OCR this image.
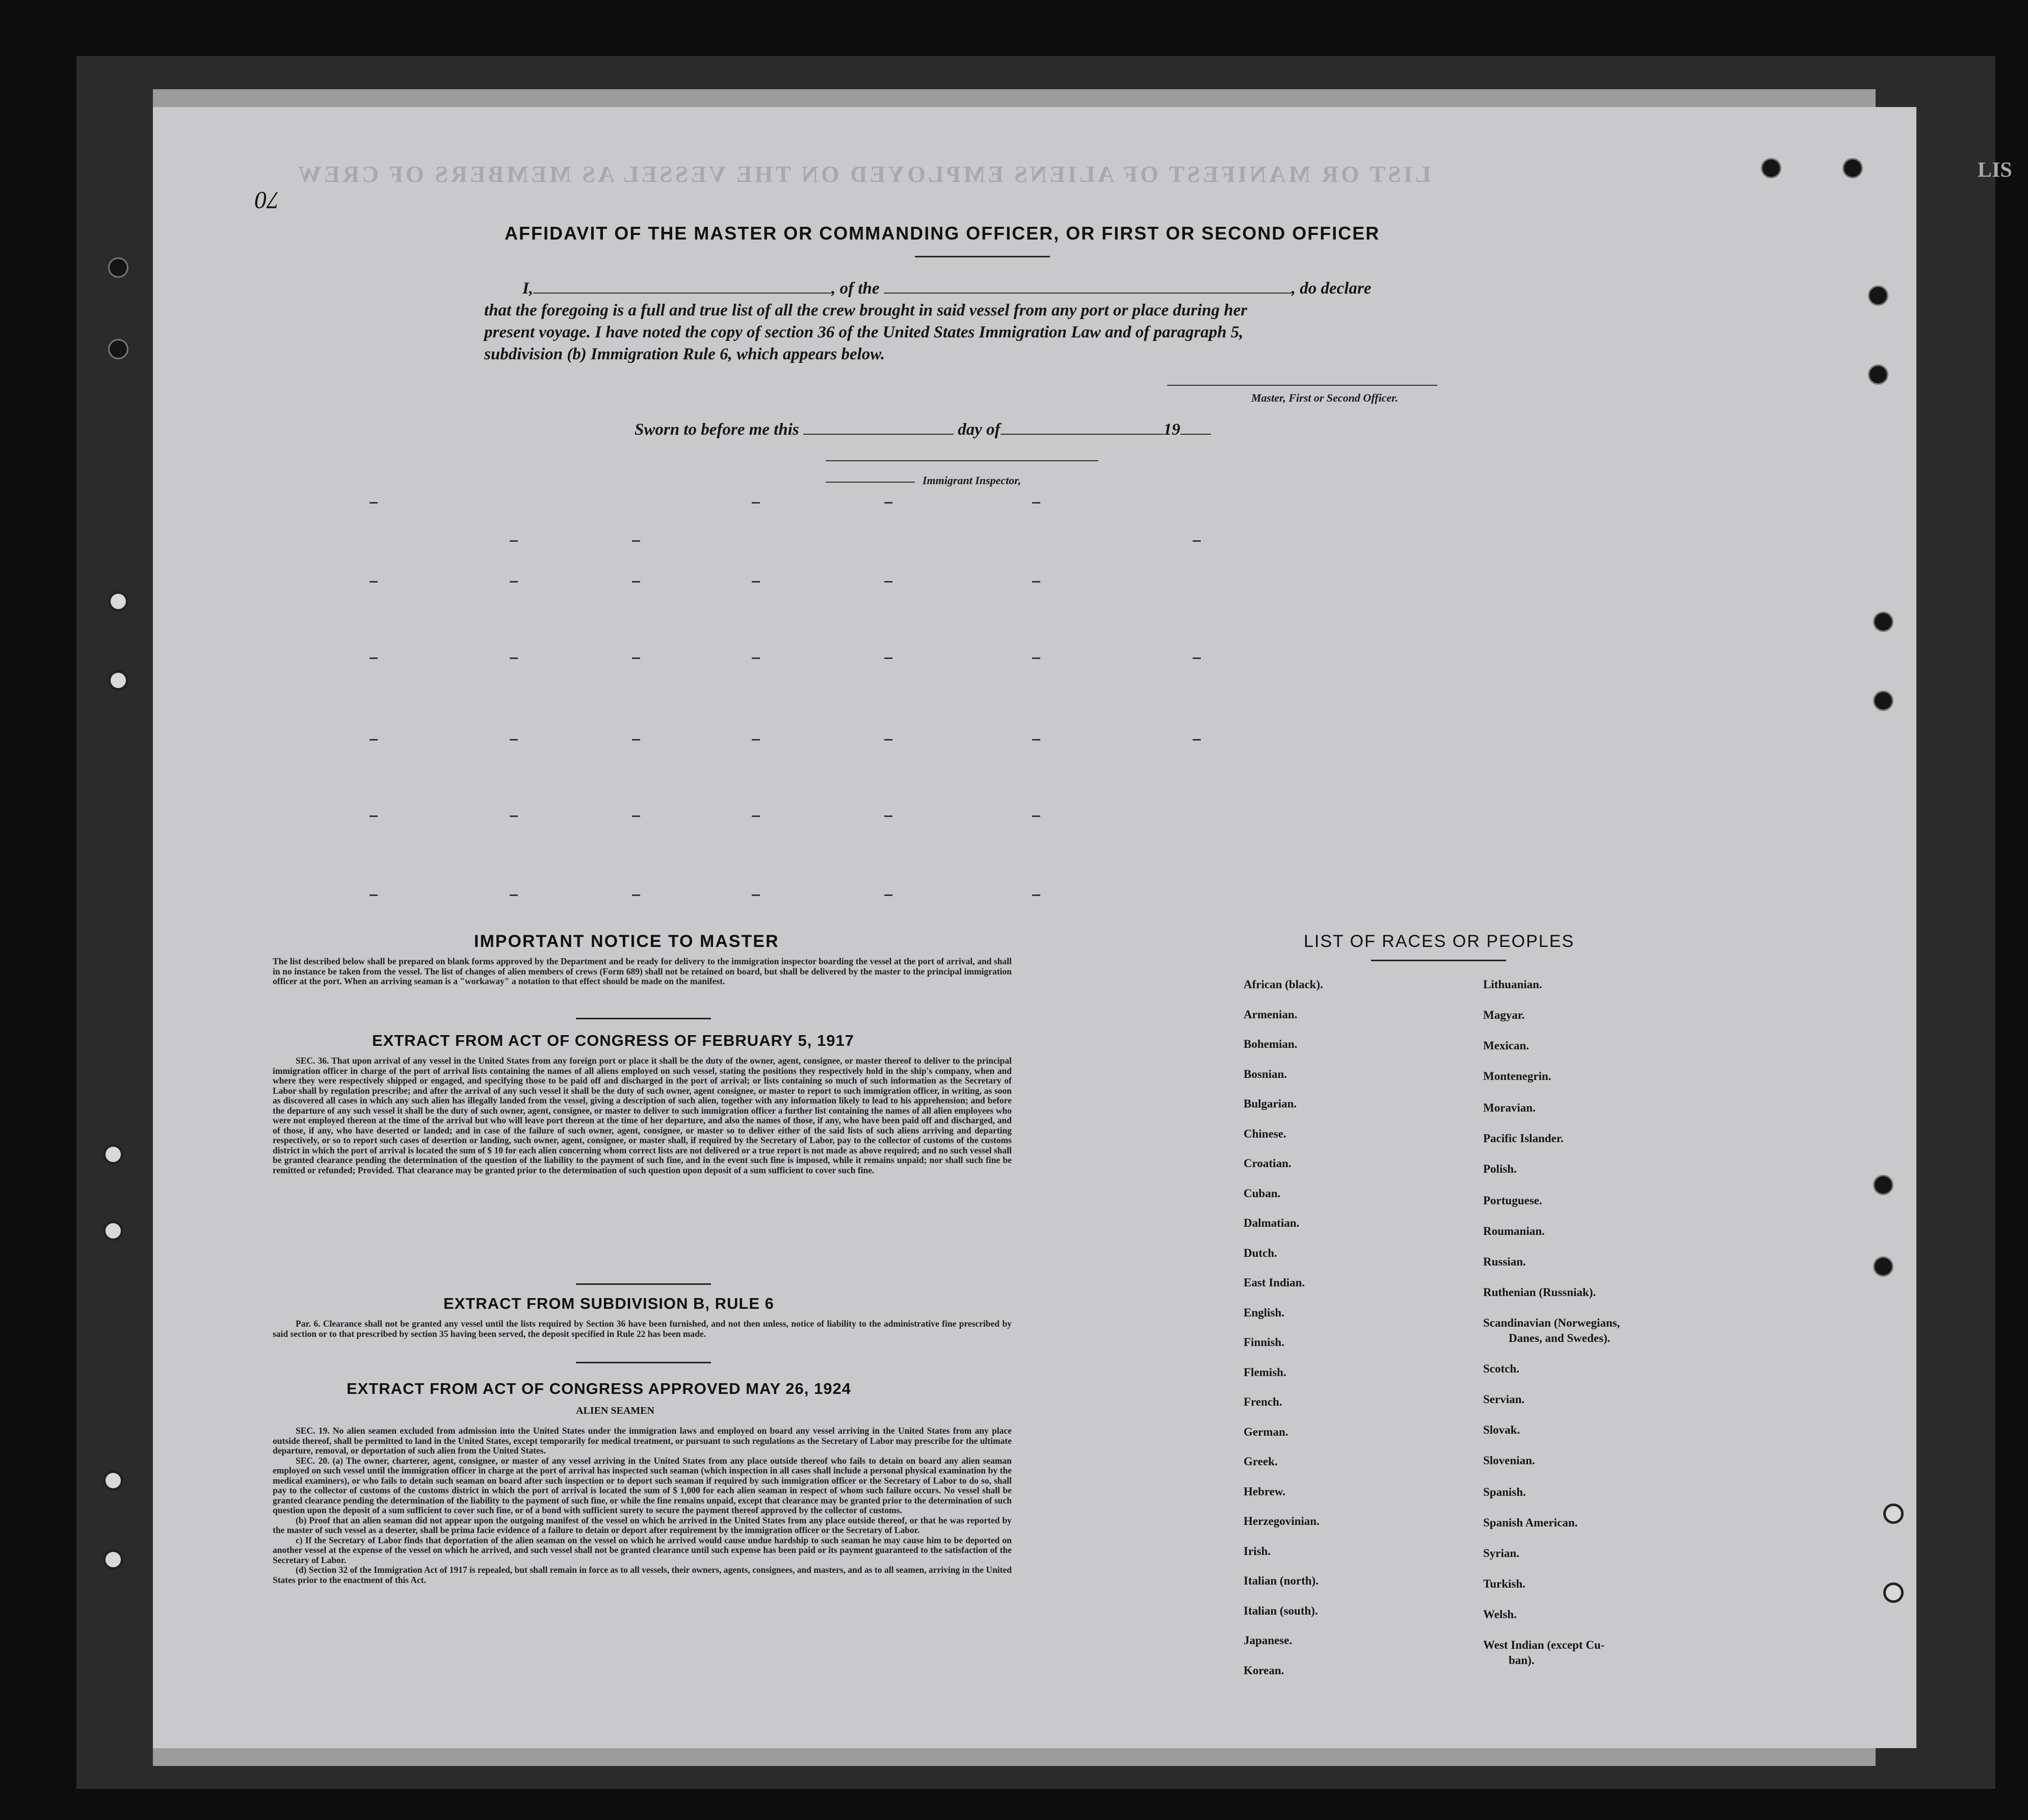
LIST OR MANIFEST OF ALIENS EMPLOYED ON THE VESSEL AS MEMBERS OF CREW	LIS
70
AFFIDAVIT OF THE MASTER OR COMMANDING OFFICER, OR FIRST OR SECOND OFFICER

I,	, of the	, do declare

that the foregoing is a full and true list of all the crew brought in said vessel from any port or place during her

present voyage. I have noted the copy of section 36 of the United States Immigration Law and of paragraph 5,

subdivision (b) Immigration Rule 6, which appears below.

Master, First or Second Officer.
Sworn to before me this	day of	19
Immigrant Inspector,
IMPORTANT NOTICE TO MASTER

The list described below shall be prepared on blank forms approved by the Department and be ready for delivery to the immigration inspector boarding the vessel at the port of arrival, and shall in no instance be taken from the vessel. The list of changes of alien members of crews (Form 689) shall not be retained on board, but shall be delivered by the master to the principal immigration officer at the port. When an arriving seaman is a "workaway" a notation to that effect should be made on the manifest.

EXTRACT FROM ACT OF CONGRESS OF FEBRUARY 5, 1917

SEC. 36. That upon arrival of any vessel in the United States from any foreign port or place it shall be the duty of the owner, agent, consignee, or master thereof to deliver to the principal immigration officer in charge of the port of arrival lists containing the names of all aliens employed on such vessel, stating the positions they respectively hold in the ship's company, when and where they were respectively shipped or engaged, and specifying those to be paid off and discharged in the port of arrival; or lists containing so much of such information as the Secretary of Labor shall by regulation prescribe; and after the arrival of any such vessel it shall be the duty of such owner, agent consignee, or master to report to such immigration officer, in writing, as soon as discovered all cases in which any such alien has illegally landed from the vessel, giving a description of such alien, together with any information likely to lead to his apprehension; and before the departure of any such vessel it shall be the duty of such owner, agent, consignee, or master to deliver to such immigration officer a further list containing the names of all alien employees who were not employed thereon at the time of the arrival but who will leave port thereon at the time of her departure, and also the names of those, if any, who have been paid off and discharged, and of those, if any, who have deserted or landed; and in case of the failure of such owner, agent, consignee, or master so to deliver either of the said lists of such aliens arriving and departing respectively, or so to report such cases of desertion or landing, such owner, agent, consignee, or master shall, if required by the Secretary of Labor, pay to the collector of customs of the customs district in which the port of arrival is located the sum of $ 10 for each alien concerning whom correct lists are not delivered or a true report is not made as above required; and no such vessel shall be granted clearance pending the determination of the question of the liability to the payment of such fine, and in the event such fine is imposed, while it remains unpaid; nor shall such fine be remitted or refunded; Provided. That clearance may be granted prior to the determination of such question upon deposit of a sum sufficient to cover such fine.

EXTRACT FROM SUBDIVISION B, RULE 6

Par. 6. Clearance shall not be granted any vessel until the lists required by Section 36 have been furnished, and not then unless, notice of liability to the administrative fine prescribed by said section or to that prescribed by section 35 having been served, the deposit specified in Rule 22 has been made.

EXTRACT FROM ACT OF CONGRESS APPROVED MAY 26, 1924
ALIEN SEAMEN

SEC. 19. No alien seamen excluded from admission into the United States under the immigration laws and employed on board any vessel arriving in the United States from any place outside thereof, shall be permitted to land in the United States, except temporarily for medical treatment, or pursuant to such regulations as the Secretary of Labor may prescribe for the ultimate departure, removal, or deportation of such alien from the United States.

SEC. 20. (a) The owner, charterer, agent, consignee, or master of any vessel arriving in the United States from any place outside thereof who fails to detain on board any alien seaman employed on such vessel until the immigration officer in charge at the port of arrival has inspected such seaman (which inspection in all cases shall include a personal physical examination by the medical examiners), or who fails to detain such seaman on board after such inspection or to deport such seaman if required by such immigration officer or the Secretary of Labor to do so, shall pay to the collector of customs of the customs district in which the port of arrival is located the sum of $ 1,000 for each alien seaman in respect of whom such failure occurs. No vessel shall be granted clearance pending the determination of the liability to the payment of such fine, or while the fine remains unpaid, except that clearance may be granted prior to the determination of such question upon the deposit of a sum sufficient to cover such fine, or of a bond with sufficient surety to secure the payment thereof approved by the collector of customs.

(b) Proof that an alien seaman did not appear upon the outgoing manifest of the vessel on which he arrived in the United States from any place outside thereof, or that he was reported by the master of such vessel as a deserter, shall be prima facie evidence of a failure to detain or deport after requirement by the immigration officer or the Secretary of Labor.

c) If the Secretary of Labor finds that deportation of the alien seaman on the vessel on which he arrived would cause undue hardship to such seaman he may cause him to be deported on another vessel at the expense of the vessel on which he arrived, and such vessel shall not be granted clearance until such expense has been paid or its payment guaranteed to the satisfaction of the Secretary of Labor.

(d) Section 32 of the Immigration Act of 1917 is repealed, but shall remain in force as to all vessels, their owners, agents, consignees, and masters, and as to all seamen, arriving in the United States prior to the enactment of this Act.

LIST OF RACES OR PEOPLES
African (black).
Armenian.
Bohemian.
Bosnian.
Bulgarian.
Chinese.
Croatian.
Cuban.
Dalmatian.
Dutch.
East Indian.
English.
Finnish.
Flemish.
French.
German.
Greek.
Hebrew.
Herzegovinian.
Irish.
Italian (north).
Italian (south).
Japanese.
Korean.
Lithuanian.
Magyar.
Mexican.
Montenegrin.
Moravian.
Pacific Islander.
Polish.
Portuguese.
Roumanian.
Russian.
Ruthenian (Russniak).
Scandinavian (Norwegians,
Danes, and Swedes).
Scotch.
Servian.
Slovak.
Slovenian.
Spanish.
Spanish American.
Syrian.
Turkish.
Welsh.
West Indian (except Cu-
ban).
